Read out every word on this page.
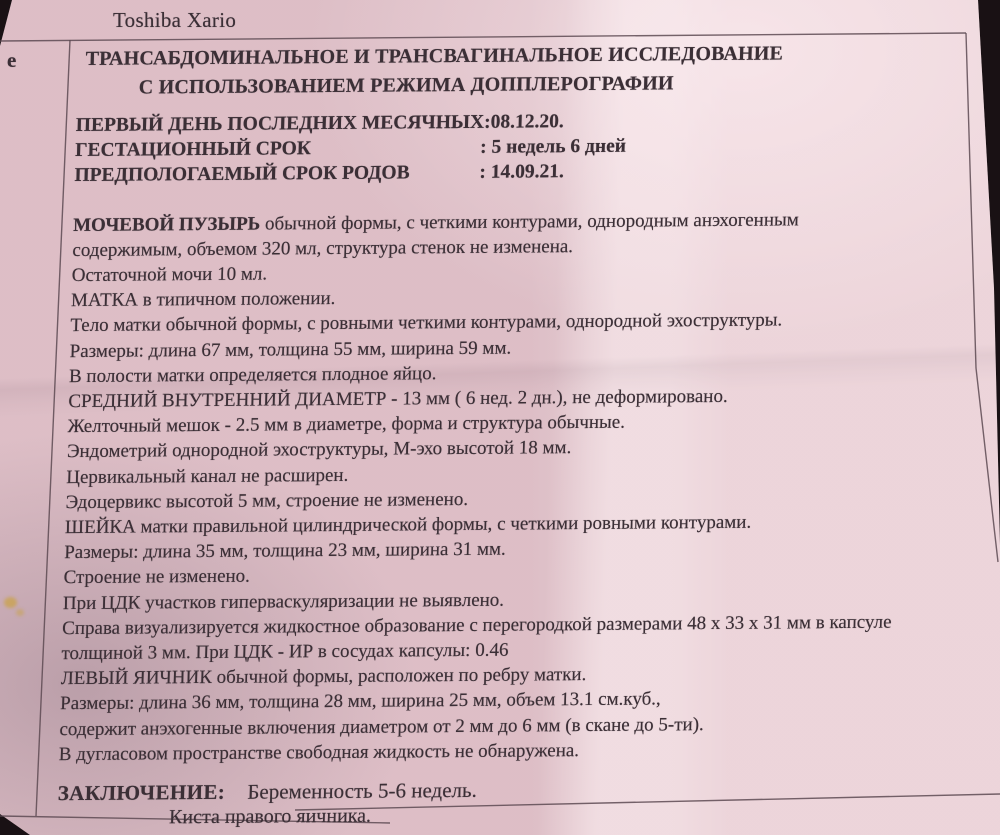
Toshiba Xario
e	ТРАНСАБДОМИНАЛЬНОЕ И ТРАНСВАГИНАЛЬНОЕ ИССЛЕДОВАНИЕ
С ИСПОЛЬЗОВАНИЕМ РЕЖИМА ДОППЛЕРОГРАФИИ
ПЕРВЫЙ ДЕНЬ ПОСЛЕДНИХ МЕСЯЧНЫХ: 08.12.20.
ГЕСТАЦИОННЫЙ СРОК	: 5 недель 6 дней
ПРЕДПОЛОГАЕМЫЙ СРОК РОДОВ	: 14.09.21.
МОЧЕВОЙ ПУЗЫРЬ обычной формы, с четкими контурами, однородным анэхогенным
содержимым, объемом 320 мл, структура стенок не изменена.
Остаточной мочи 10 мл.
МАТКА в типичном положении.
Тело матки обычной формы, с ровными четкими контурами, однородной эхоструктуры.
Размеры: длина 67 мм, толщина 55 мм, ширина 59 мм.
В полости матки определяется плодное яйцо.
СРЕДНИЙ ВНУТРЕННИЙ ДИАМЕТР - 13 мм ( 6 нед. 2 дн.), не деформировано.
Желточный мешок - 2.5 мм в диаметре, форма и структура обычные.
Эндометрий однородной эхоструктуры, М-эхо высотой 18 мм.
Цервикальный канал не расширен.
Эдоцервикс высотой 5 мм, строение не изменено.
ШЕЙКА матки правильной цилиндрической формы, с четкими ровными контурами.
Размеры: длина 35 мм, толщина 23 мм, ширина 31 мм.
Строение не изменено.
При ЦДК участков гиперваскуляризации не выявлено.
Справа визуализируется жидкостное образование с перегородкой размерами 48 x 33 x 31 мм в капсуле
толщиной 3 мм. При ЦДК - ИР в сосудах капсулы: 0.46
ЛЕВЫЙ ЯИЧНИК обычной формы, расположен по ребру матки.
Размеры: длина 36 мм, толщина 28 мм, ширина 25 мм, объем 13.1 см.куб.,
содержит анэхогенные включения диаметром от 2 мм до 6 мм (в скане до 5-ти).
В дугласовом пространстве свободная жидкость не обнаружена.
ЗАКЛЮЧЕНИЕ:    Беременность 5-6 недель.
Киста правого яичника.
